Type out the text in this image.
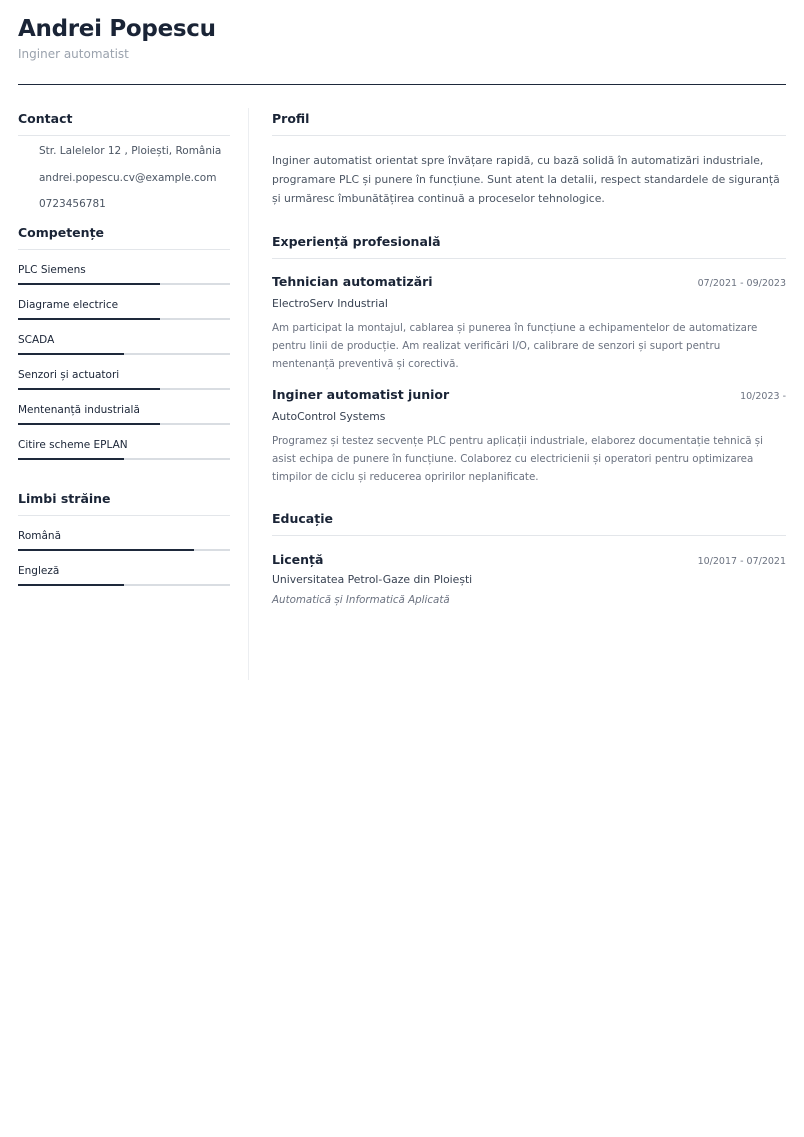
Andrei Popescu
Inginer automatist
Contact
Str. Lalelelor 12 , Ploiești, România
andrei.popescu.cv@example.com
0723456781
Competențe
PLC Siemens
Diagrame electrice
SCADA
Senzori și actuatori
Mentenanță industrială
Citire scheme EPLAN
Limbi străine
Română
Engleză
Profil
Inginer automatist orientat spre învățare rapidă, cu bază solidă în automatizări industriale, programare PLC și punere în funcțiune. Sunt atent la detalii, respect standardele de siguranță și urmăresc îmbunătățirea continuă a proceselor tehnologice.
Experiență profesională
Tehnician automatizări	07/2021 - 09/2023
ElectroServ Industrial
Am participat la montajul, cablarea și punerea în funcțiune a echipamentelor de automatizare pentru linii de producție. Am realizat verificări I/O, calibrare de senzori și suport pentru mentenanță preventivă și corectivă.
Inginer automatist junior	10/2023 -
AutoControl Systems
Programez și testez secvențe PLC pentru aplicații industriale, elaborez documentație tehnică și asist echipa de punere în funcțiune. Colaborez cu electricienii și operatori pentru optimizarea timpilor de ciclu și reducerea opririlor neplanificate.
Educație
Licență	10/2017 - 07/2021
Universitatea Petrol-Gaze din Ploiești
Automatică și Informatică Aplicată
